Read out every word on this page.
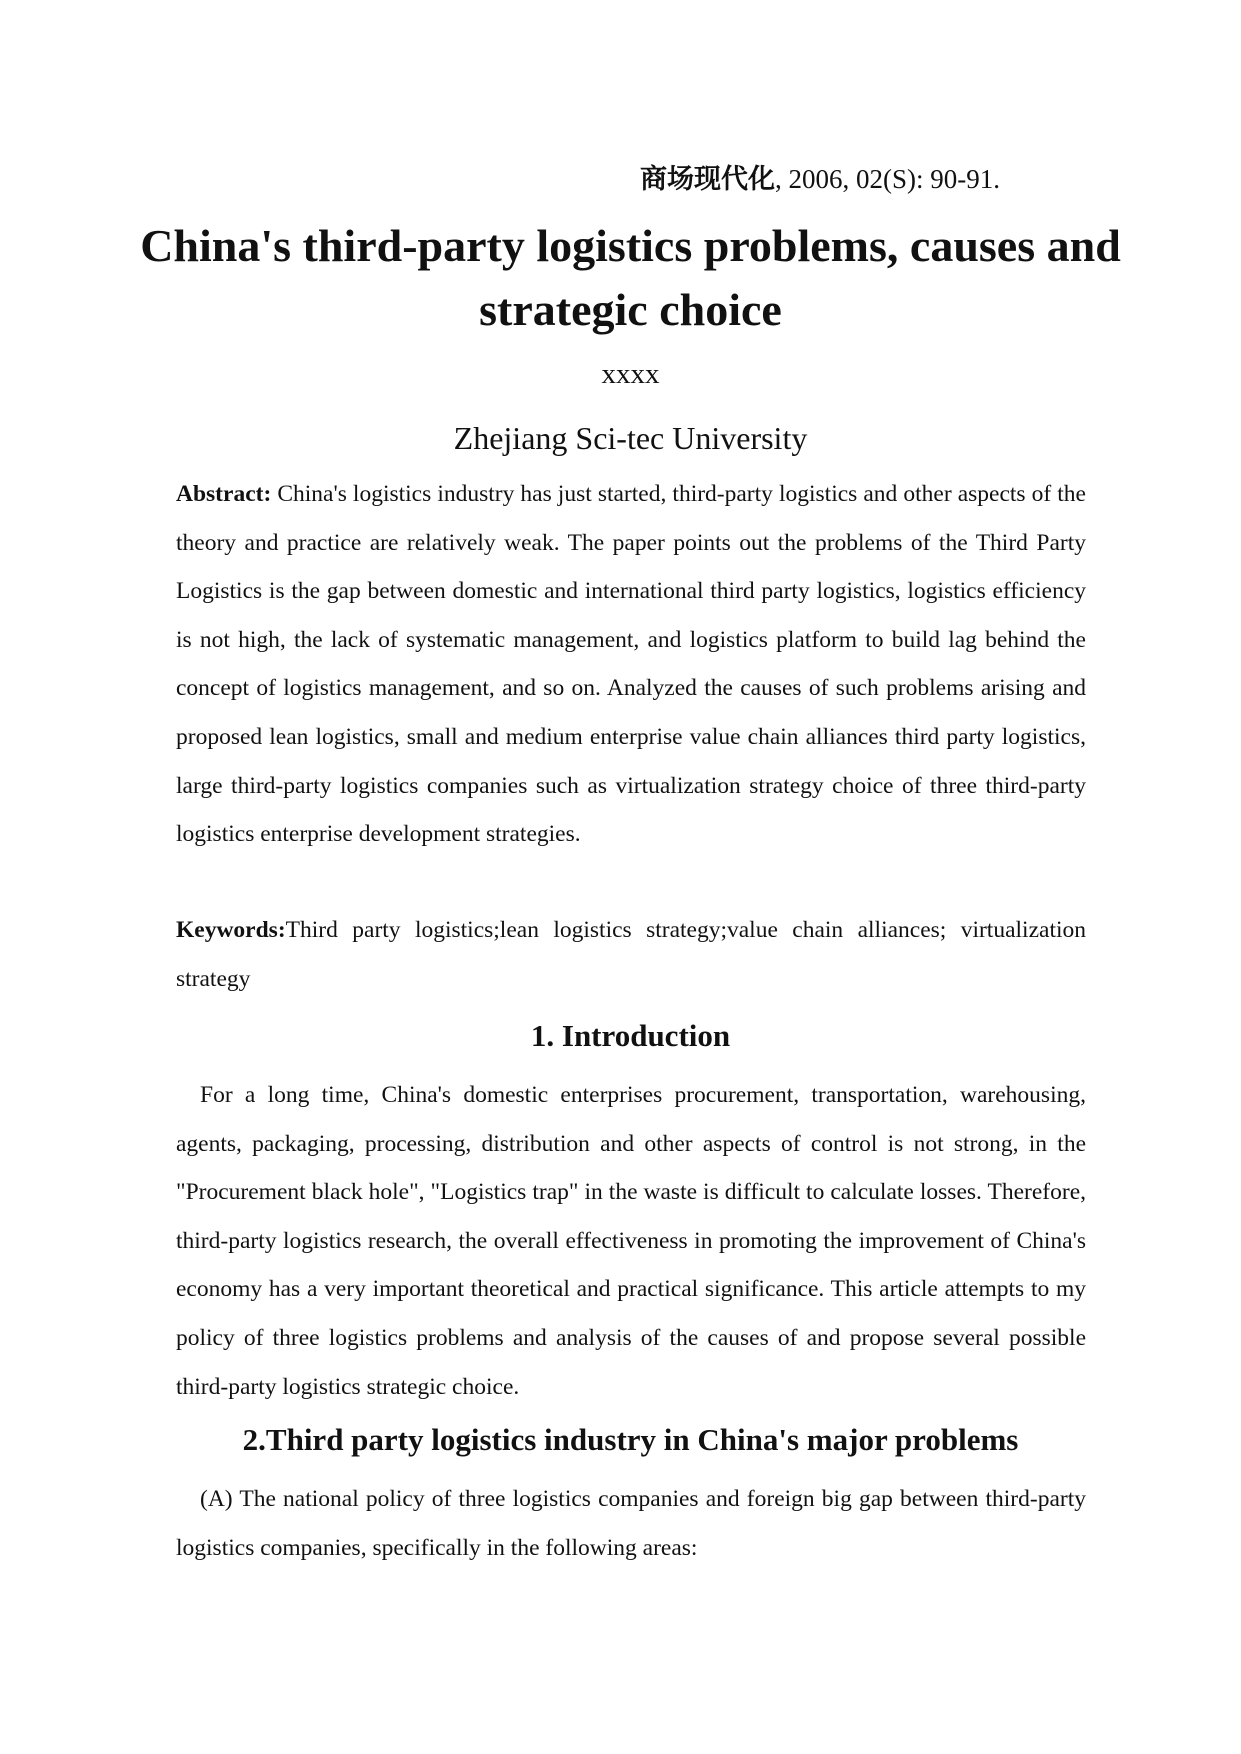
商场现代化, 2006, 02(S): 90-91.
China's third-party logistics problems, causes and strategic choice
xxxx
Zhejiang Sci-tec University
Abstract: China's logistics industry has just started, third-party logistics and other aspects of the theory and practice are relatively weak. The paper points out the problems of the Third Party Logistics is the gap between domestic and international third party logistics, logistics efficiency is not high, the lack of systematic management, and logistics platform to build lag behind the concept of logistics management, and so on. Analyzed the causes of such problems arising and proposed lean logistics, small and medium enterprise value chain alliances third party logistics, large third-party logistics companies such as virtualization strategy choice of three third-party logistics enterprise development strategies.
Keywords:Third party logistics;lean logistics strategy;value chain alliances; virtualization strategy
1. Introduction
For a long time, China's domestic enterprises procurement, transportation, warehousing, agents, packaging, processing, distribution and other aspects of control is not strong, in the "Procurement black hole", "Logistics trap" in the waste is difficult to calculate losses. Therefore, third-party logistics research, the overall effectiveness in promoting the improvement of China's economy has a very important theoretical and practical significance. This article attempts to my policy of three logistics problems and analysis of the causes of and propose several possible third-party logistics strategic choice.
2.Third party logistics industry in China's major problems
(A) The national policy of three logistics companies and foreign big gap between third-party logistics companies, specifically in the following areas:
